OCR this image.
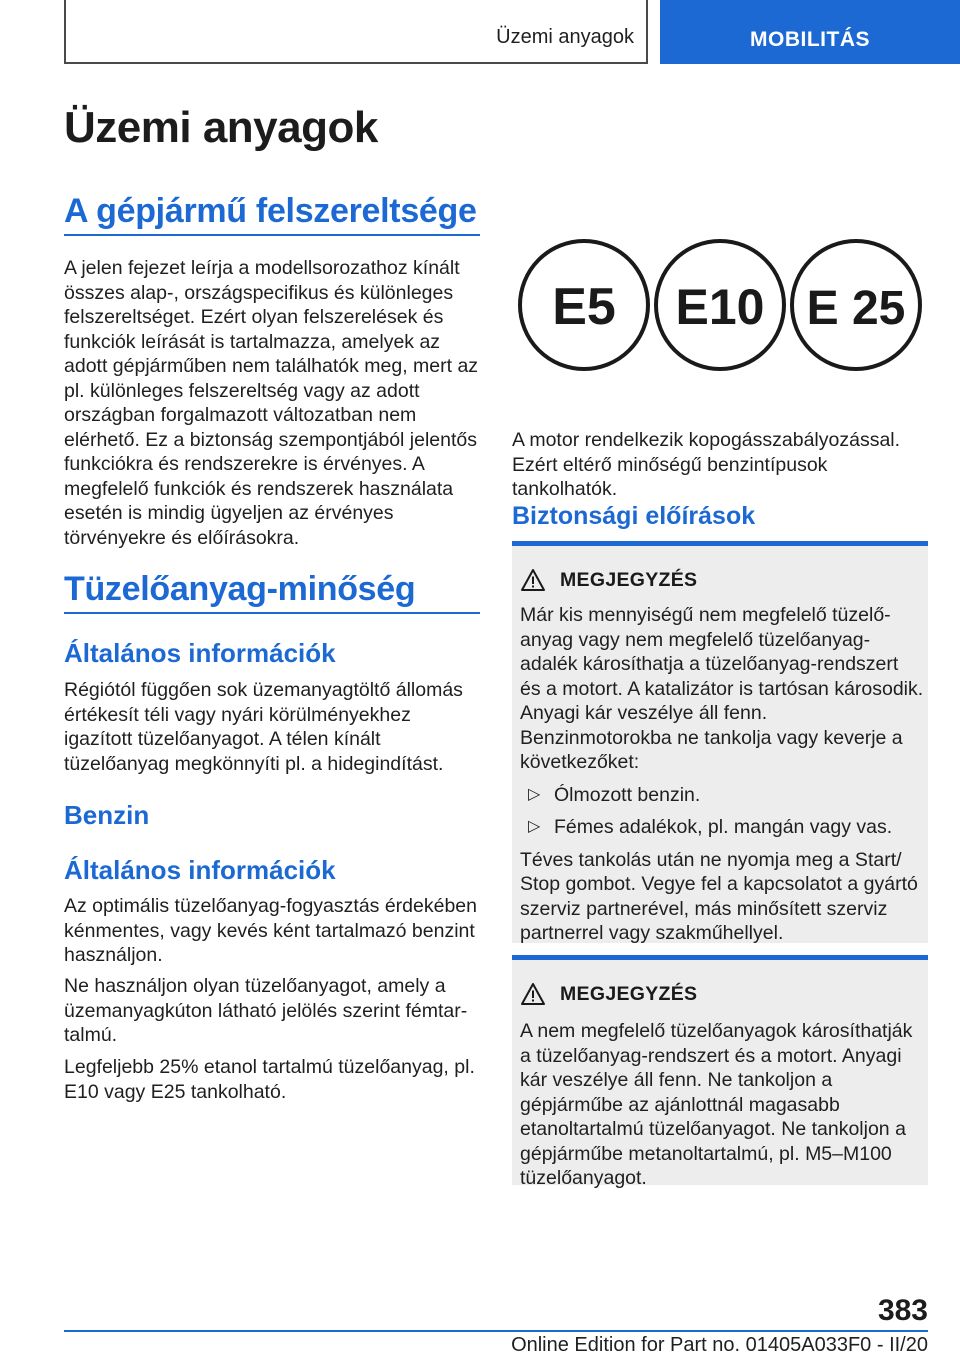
Üzemi anyagok	MOBILITÁS
Üzemi anyagok
A gépjármű felszereltsége

A jelen fejezet leírja a modellsorozathoz kínált összes alap-, országspecifikus és különleges felszereltséget. Ezért olyan felszerelések és funkciók leírását is tartalmazza, amelyek az adott gépjárműben nem találhatók meg, mert az pl. különleges felszereltség vagy az adott országban forgalmazott változatban nem elérhető. Ez a biztonság szempontjából jelentős funkciókra és rendszerekre is érvényes. A megfelelő funkciók és rendszerek használata esetén is mindig ügyeljen az érvényes törvényekre és előírásokra.

Tüzelőanyag-minőség
Általános információk

Régiótól függően sok üzemanyagtöltő állomás értékesít téli vagy nyári körülményekhez igazított tüzelőanyagot. A télen kínált tüzelőanyag megkönnyíti pl. a hidegindítást.

Benzin
Általános információk

Az optimális tüzelőanyag-fogyasztás érdekében kénmentes, vagy kevés ként tartalmazó benzint használjon.

Ne használjon olyan tüzelőanyagot, amely a üzemanyagkúton látható jelölés szerint fémtartalmú.

Legfeljebb 25% etanol tartalmú tüzelőanyag, pl. E10 vagy E25 tankolható.

E5 E10 E 25

A motor rendelkezik kopogásszabályozással. Ezért eltérő minőségű benzintípusok tankolhatók.

Biztonsági előírások
MEGJEGYZÉS

Már kis mennyiségű nem megfelelő tüzelőanyag vagy nem megfelelő tüzelőanyag-adalék károsíthatja a tüzelőanyag-rendszert és a motort. A katalizátor is tartósan károsodik. Anyagi kár veszélye áll fenn. Benzinmotorokba ne tankolja vagy keverje a következőket:

▷ Ólmozott benzin.
▷ Fémes adalékok, pl. mangán vagy vas.

Téves tankolás után ne nyomja meg a Start/ Stop gombot. Vegye fel a kapcsolatot a gyártó szerviz partnerével, más minősített szerviz partnerrel vagy szakműhellyel.

MEGJEGYZÉS

A nem megfelelő tüzelőanyagok károsíthatják a tüzelőanyag-rendszert és a motort. Anyagi kár veszélye áll fenn. Ne tankoljon a gépjárműbe az ajánlottnál magasabb etanoltartalmú tüzelőanyagot. Ne tankoljon a gépjárműbe metanoltartalmú, pl. M5–M100 tüzelőanyagot.

383
Online Edition for Part no. 01405A033F0 - II/20
